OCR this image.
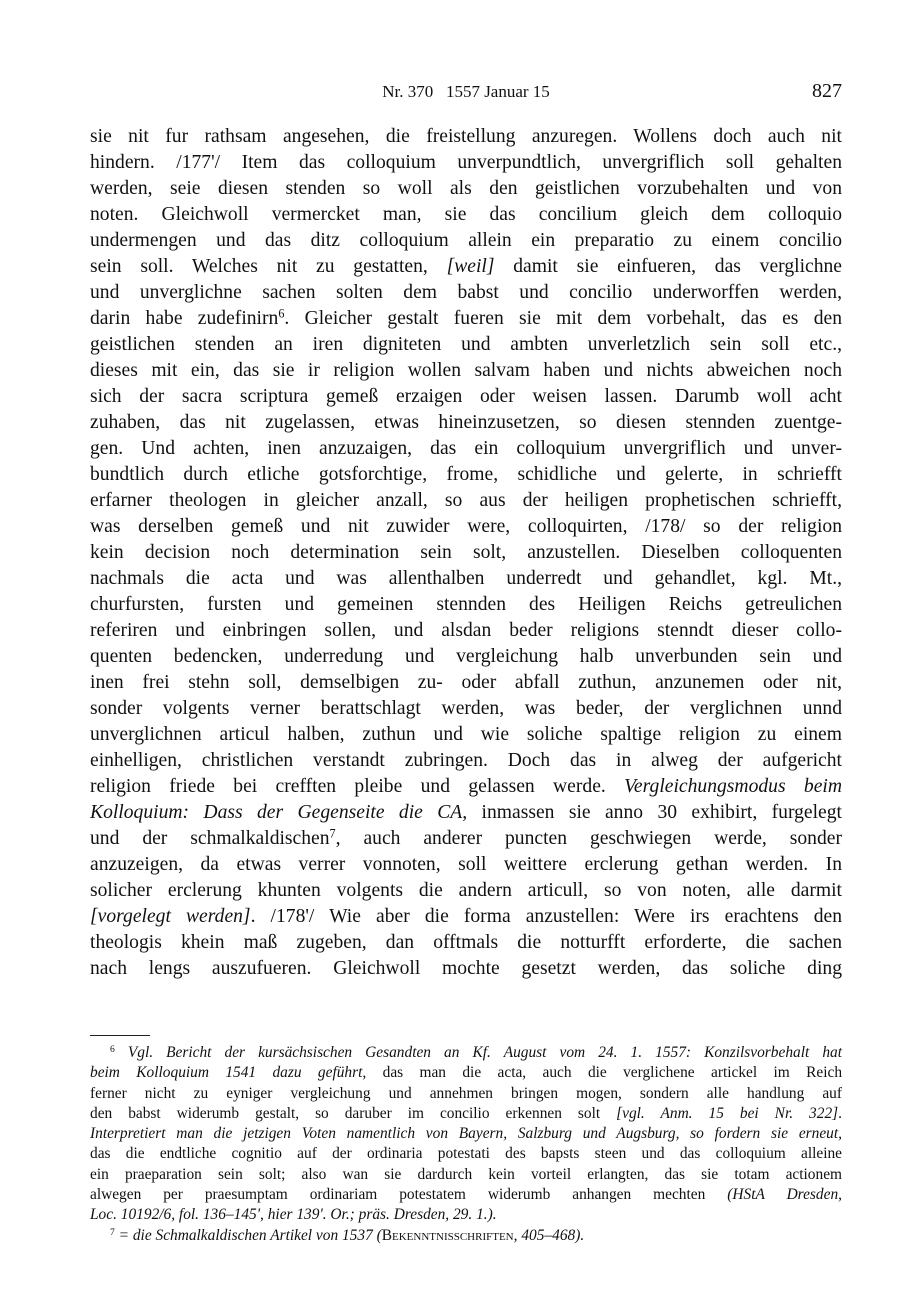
Nr. 370   1557 Januar 15	827
sie nit fur rathsam angesehen, die freistellung anzuregen. Wollens doch auch nit
hindern. /177'/ Item das colloquium unverpundtlich, unvergriflich soll gehalten
werden, seie diesen stenden so woll als den geistlichen vorzubehalten und von
noten. Gleichwoll vermercket man, sie das concilium gleich dem colloquio
undermengen und das ditz colloquium allein ein preparatio zu einem concilio
sein soll. Welches nit zu gestatten, [weil] damit sie einfueren, das verglichne
und unverglichne sachen solten dem babst und concilio underworffen werden,
darin habe zudefinirn$^6$. Gleicher gestalt fueren sie mit dem vorbehalt, das es den
geistlichen stenden an iren digniteten und ambten unverletzlich sein soll etc.,
dieses mit ein, das sie ir religion wollen salvam haben und nichts abweichen noch
sich der sacra scriptura gemeß erzaigen oder weisen lassen. Darumb woll acht
zuhaben, das nit zugelassen, etwas hineinzusetzen, so diesen stennden zuentge-
gen. Und achten, inen anzuzaigen, das ein colloquium unvergriflich und unver-
bundtlich durch etliche gotsforchtige, frome, schidliche und gelerte, in schriefft
erfarner theologen in gleicher anzall, so aus der heiligen prophetischen schriefft,
was derselben gemeß und nit zuwider were, colloquirten, /178/ so der religion
kein decision noch determination sein solt, anzustellen. Dieselben colloquenten
nachmals die acta und was allenthalben underredt und gehandlet, kgl. Mt.,
churfursten, fursten und gemeinen stennden des Heiligen Reichs getreulichen
referiren und einbringen sollen, und alsdan beder religions stenndt dieser collo-
quenten bedencken, underredung und vergleichung halb unverbunden sein und
inen frei stehn soll, demselbigen zu- oder abfall zuthun, anzunemen oder nit,
sonder volgents verner berattschlagt werden, was beder, der verglichnen unnd
unverglichnen articul halben, zuthun und wie soliche spaltige religion zu einem
einhelligen, christlichen verstandt zubringen. Doch das in alweg der aufgericht
religion friede bei crefften pleibe und gelassen werde. Vergleichungsmodus beim
Kolloquium: Dass der Gegenseite die CA, inmassen sie anno 30 exhibirt, furgelegt
und der schmalkaldischen$^7$, auch anderer puncten geschwiegen werde, sonder
anzuzeigen, da etwas verrer vonnoten, soll weittere erclerung gethan werden. In
solicher erclerung khunten volgents die andern articull, so von noten, alle darmit
[vorgelegt werden]. /178'/ Wie aber die forma anzustellen: Were irs erachtens den
theologis khein maß zugeben, dan offtmals die notturfft erforderte, die sachen
nach lengs auszufueren. Gleichwoll mochte gesetzt werden, das soliche ding
$^6$ Vgl. Bericht der kursächsischen Gesandten an Kf. August vom 24. 1. 1557: Konzilsvorbehalt hat
beim Kolloquium 1541 dazu geführt, das man die acta, auch die verglichene artickel im Reich
ferner nicht zu eyniger vergleichung und annehmen bringen mogen, sondern alle handlung auf
den babst widerumb gestalt, so daruber im concilio erkennen solt [vgl. Anm. 15 bei Nr. 322].
Interpretiert man die jetzigen Voten namentlich von Bayern, Salzburg und Augsburg, so fordern sie erneut,
das die endtliche cognitio auf der ordinaria potestati des bapsts steen und das colloquium alleine
ein praeparation sein solt; also wan sie dardurch kein vorteil erlangten, das sie totam actionem
alwegen per praesumptam ordinariam potestatem widerumb anhangen mechten (HStA Dresden,
Loc. 10192/6, fol. 136–145', hier 139'. Or.; präs. Dresden, 29. 1.).
$^7$ = die Schmalkaldischen Artikel von 1537 (Bekenntnisschriften, 405–468).
